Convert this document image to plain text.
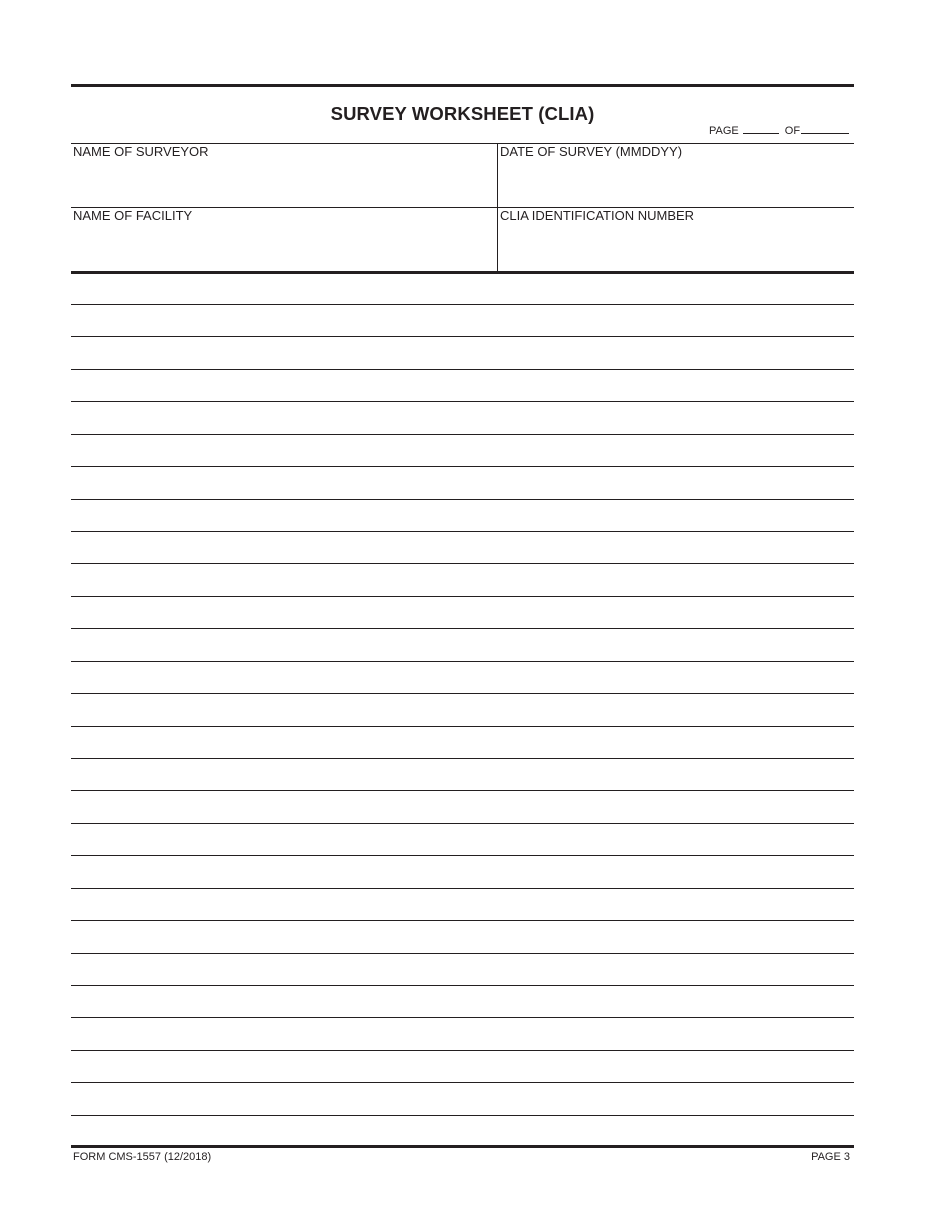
SURVEY WORKSHEET (CLIA)
PAGE	OF
NAME OF SURVEYOR	DATE OF SURVEY (MMDDYY)
NAME OF FACILITY	CLIA IDENTIFICATION NUMBER
FORM CMS-1557 (12/2018)	PAGE 3
